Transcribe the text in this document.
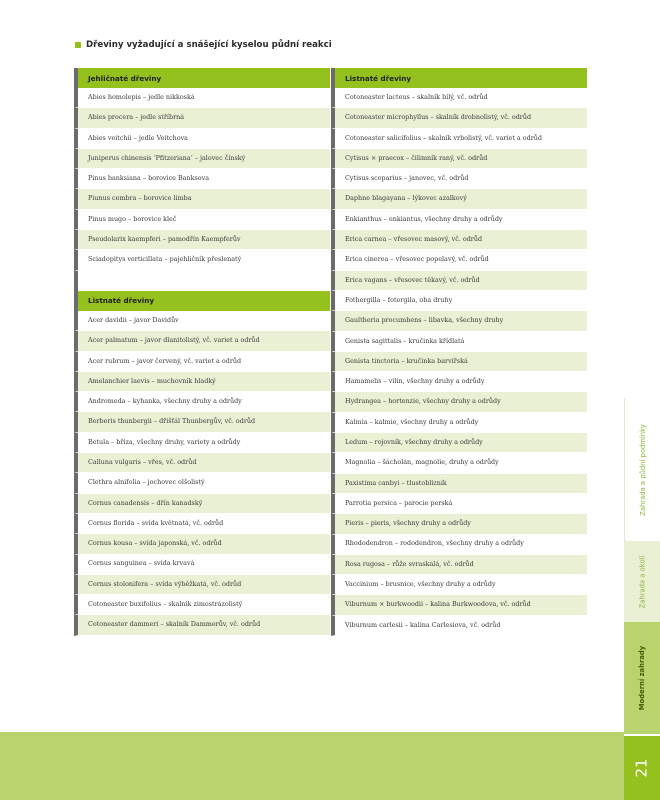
Dřeviny vyžadující a snášející kyselou půdní reakci
Jehličnaté dřeviny
Abies homolepis – jedle nikkoská
Abies procera – jedle stříbrná
Abies veitchii – jedle Veitchova
Juniperus chinensis ‘Pfitzeriana’ – jalovec čínský
Pinus banksiana – borovice Banksova
Piunus cembra – borovice limba
Pinus mugo – borovice kleč
Pseudolarix kaempferi – pamodřín Kaempferův
Sciadopitys verticillata – pajehličník přeslenatý
Listnaté dřeviny
Acer davidii – javor Davidův
Acer palmatum – javor dlanitolistý, vč. variet a odrůd
Acer rubrum – javor červený, vč. variet a odrůd
Amelanchier laevis – muchovník hladký
Andromeda – kyhanka, všechny druhy a odrůdy
Berberis thunbergii – dřišťál Thunbergův, vč. odrůd
Betula – bříza, všechny druhy, variety a odrůdy
Calluna vulgaris – vřes, vč. odrůd
Clethra alnifolia – jochovec olšolistý
Cornus canadensis – dřín kanadský
Cornus florida – svída květnatá, vč. odrůd
Cornus kousa – svída japonská, vč. odrůd
Cornus sanguinea – svída krvavá
Cornus stolonifera – svída výběžkatá, vč. odrůd
Cotoneaster buxifolius – skalník zimostrázolistý
Cotoneaster dammeri – skalník Dammerův, vč. odrůd
Listnaté dřeviny
Cotoneaster lacteus – skalník bílý, vč. odrůd
Cotoneaster microphyllus – skalník drobnolistý, vč. odrůd
Cotoneaster salicifolius – skalník vrbolistý, vč. variet a odrůd
Cytisus × praecox – čilimník raný, vč. odrůd
Cytisus scoparius – janovec, vč. odrůd
Daphne blagayana – lýkovec azalkový
Enkianthus – enkiantus, všechny druhy a odrůdy
Erica carnea – vřesovec masový, vč. odrůd
Erica cinerea – vřesovec popelavý, vč. odrůd
Erica vagans – vřesovec těkavý, vč. odrůd
Fothergilla – fotergila, oba druhy
Gaultheria procumbens – libavka, všechny druhy
Genista sagittalis – kručinka křídlatá
Genista tinctoria – kručinka barvířská
Hamamelis – vilín, všechny druhy a odrůdy
Hydrangea – hortenzie, všechny druhy a odrůdy
Kalmia – kalmie, všechny druhy a odrůdy
Ledum – rojovník, všechny druhy a odrůdy
Magnolia – šácholán, magnolie, druhy a odrůdy
Paxistima canbyi – tlustoblizník
Parrotia persica – parocie perská
Pieris – pieris, všechny druhy a odrůdy
Rhododendron – rododendron, všechny druhy a odrůdy
Rosa rugosa – růže svraskalá, vč. odrůd
Vaccinium – brusnice, všechny druhy a odrůdy
Viburnum × burkwoodii – kalina Burkwoodova, vč. odrůd
Viburnum carlesii – kalina Carlesiova, vč. odrůd
Zahrada a půdní podmínky
Zahrada a okolí
Moderní zahrady
21
